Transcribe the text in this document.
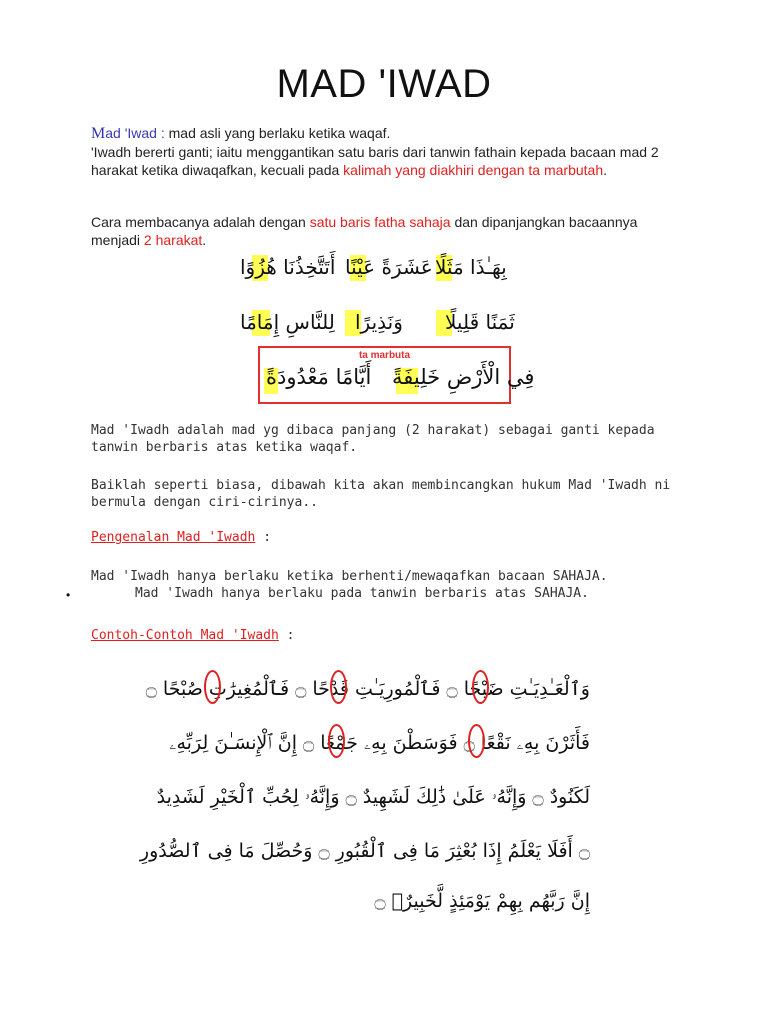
MAD 'IWAD
Mad 'Iwad : mad asli yang berlaku ketika waqaf.
'Iwadh bererti ganti; iaitu menggantikan satu baris dari tanwin fathain kepada bacaan mad 2 harakat ketika diwaqafkan, kecuali pada kalimah yang diakhiri dengan ta marbutah.
Cara membacanya adalah dengan satu baris fatha sahaja dan dipanjangkan bacaannya menjadi 2 harakat.
بِهَـٰذَا مَثَلًا
عَشَرَةً عَيْنًا
أَتَتَّخِذُنَا هُزُوًا
ثَمَنًا قَلِيلًا
وَنَذِيرًا
لِلنَّاسِ إِمَامًا
ta marbuta
أَيَّامًا مَعْدُودَةً فِي الْأَرْضِ خَلِيفَةً
Mad 'Iwadh adalah mad yg dibaca panjang (2 harakat) sebagai ganti kepada tanwin berbaris atas ketika waqaf.
Baiklah seperti biasa, dibawah kita akan membincangkan hukum Mad 'Iwadh ni bermula dengan ciri-cirinya..
Pengenalan Mad 'Iwadh :
Mad 'Iwadh hanya berlaku ketika berhenti/mewaqafkan bacaan SAHAJA.
•	Mad 'Iwadh hanya berlaku pada tanwin berbaris atas SAHAJA.
Contoh-Contoh Mad 'Iwadh :
وَٱلْعَـٰدِيَـٰتِ ضَبْحًا ۝ فَٱلْمُورِيَـٰتِ قَدْحًا ۝ فَٱلْمُغِيرَٰتِ صُبْحًا ۝
فَأَثَرْنَ بِهِۦ نَقْعًا ۝ فَوَسَطْنَ بِهِۦ جَمْعًا ۝ إِنَّ ٱلْإِنسَـٰنَ لِرَبِّهِۦ
لَكَنُودٌ ۝ وَإِنَّهُۥ عَلَىٰ ذَٰلِكَ لَشَهِيدٌ ۝ وَإِنَّهُۥ لِحُبِّ ٱلْخَيْرِ لَشَدِيدٌ
۝ أَفَلَا يَعْلَمُ إِذَا بُعْثِرَ مَا فِى ٱلْقُبُورِ ۝ وَحُصِّلَ مَا فِى ٱلصُّدُورِ
إِنَّ رَبَّهُم بِهِمْ يَوْمَئِذٍ لَّخَبِيرٌۢ ۝
